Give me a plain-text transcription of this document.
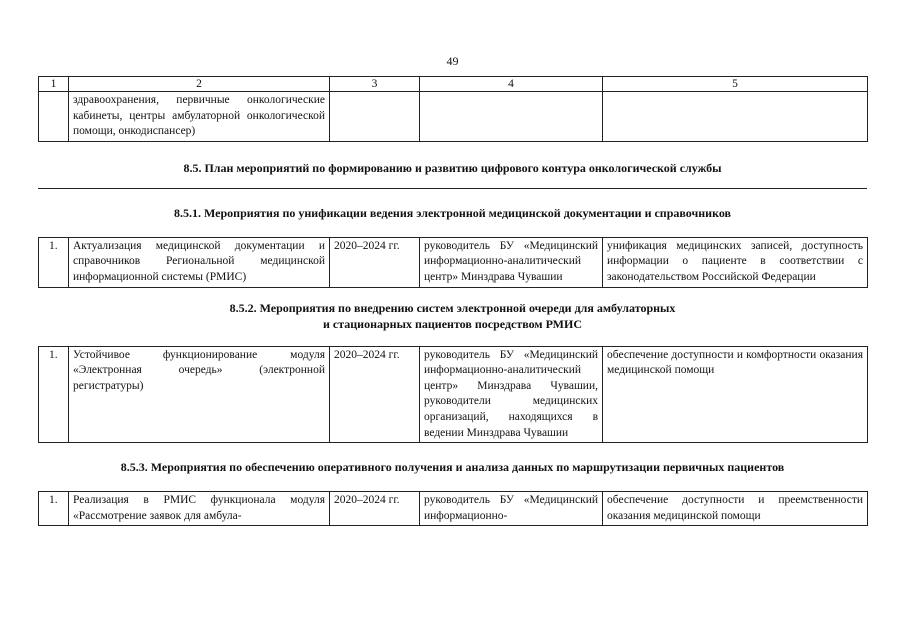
49
1	2	3	4	5
	здравоохранения, первичные онкологические кабинеты, центры амбулаторной онкологической помощи, онкодиспансер)			
8.5. План мероприятий по формированию и развитию цифрового контура онкологической службы
8.5.1. Мероприятия по унификации ведения электронной медицинской документации и справочников
1.	Актуализация медицинской документации и справочников Региональной медицинской информационной системы (РМИС)	2020–2024 гг.	руководитель БУ «Медицинский информационно-аналитический центр» Минздрава Чувашии	унификация медицинских записей, доступность информации о пациенте в соответствии с законодательством Российской Федерации
8.5.2. Мероприятия по внедрению систем электронной очереди для амбулаторных
и стационарных пациентов посредством РМИС
1.	Устойчивое функционирование модуля «Электронная очередь» (электронной регистратуры)	2020–2024 гг.	руководитель БУ «Медицинский информационно-аналитический центр» Минздрава Чувашии, руководители медицинских организаций, находящихся в ведении Минздрава Чувашии	обеспечение доступности и комфортности оказания медицинской помощи
8.5.3. Мероприятия по обеспечению оперативного получения и анализа данных по маршрутизации первичных пациентов
1.	Реализация в РМИС функционала модуля «Рассмотрение заявок для амбула-	2020–2024 гг.	руководитель БУ «Медицинский информационно-	обеспечение доступности и преемственности оказания медицинской помощи
